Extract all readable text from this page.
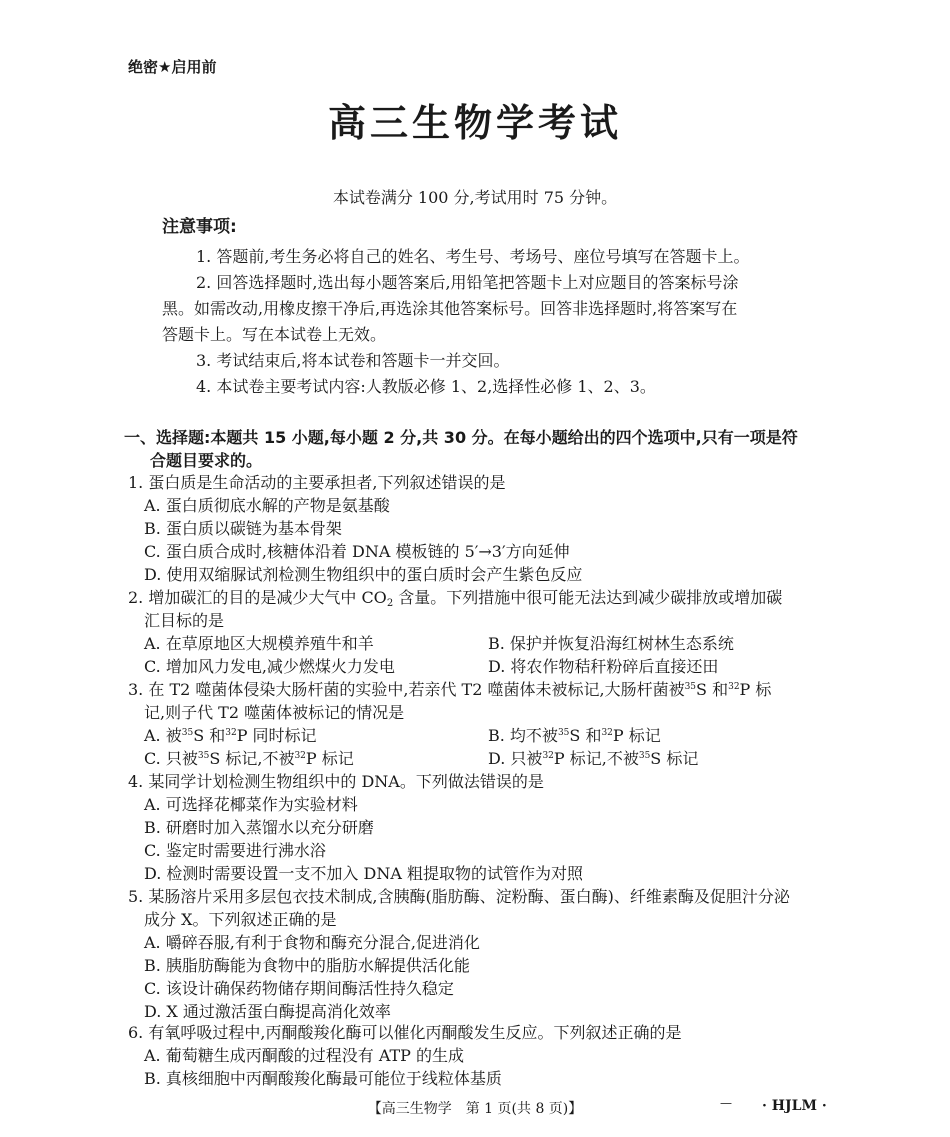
绝密★启用前
高三生物学考试
本试卷满分 100 分,考试用时 75 分钟。
注意事项:
1. 答题前,考生务必将自己的姓名、考生号、考场号、座位号填写在答题卡上。
2. 回答选择题时,选出每小题答案后,用铅笔把答题卡上对应题目的答案标号涂
黑。如需改动,用橡皮擦干净后,再选涂其他答案标号。回答非选择题时,将答案写在
答题卡上。写在本试卷上无效。
3. 考试结束后,将本试卷和答题卡一并交回。
4. 本试卷主要考试内容:人教版必修 1、2,选择性必修 1、2、3。
一、选择题:本题共 15 小题,每小题 2 分,共 30 分。在每小题给出的四个选项中,只有一项是符
合题目要求的。
1. 蛋白质是生命活动的主要承担者,下列叙述错误的是
A. 蛋白质彻底水解的产物是氨基酸
B. 蛋白质以碳链为基本骨架
C. 蛋白质合成时,核糖体沿着 DNA 模板链的 5′→3′方向延伸
D. 使用双缩脲试剂检测生物组织中的蛋白质时会产生紫色反应
2. 增加碳汇的目的是减少大气中 $CO_2$ 含量。下列措施中很可能无法达到减少碳排放或增加碳
汇目标的是
A. 在草原地区大规模养殖牛和羊	B. 保护并恢复沿海红树林生态系统
C. 增加风力发电,减少燃煤火力发电	D. 将农作物秸秆粉碎后直接还田
3. 在 T2 噬菌体侵染大肠杆菌的实验中,若亲代 T2 噬菌体未被标记,大肠杆菌被$^{35}$S 和$^{32}$P 标
记,则子代 T2 噬菌体被标记的情况是
A. 被$^{35}$S 和$^{32}$P 同时标记	B. 均不被$^{35}$S 和$^{32}$P 标记
C. 只被$^{35}$S 标记,不被$^{32}$P 标记	D. 只被$^{32}$P 标记,不被$^{35}$S 标记
4. 某同学计划检测生物组织中的 DNA。下列做法错误的是
A. 可选择花椰菜作为实验材料
B. 研磨时加入蒸馏水以充分研磨
C. 鉴定时需要进行沸水浴
D. 检测时需要设置一支不加入 DNA 粗提取物的试管作为对照
5. 某肠溶片采用多层包衣技术制成,含胰酶(脂肪酶、淀粉酶、蛋白酶)、纤维素酶及促胆汁分泌
成分 X。下列叙述正确的是
A. 嚼碎吞服,有利于食物和酶充分混合,促进消化
B. 胰脂肪酶能为食物中的脂肪水解提供活化能
C. 该设计确保药物储存期间酶活性持久稳定
D. X 通过激活蛋白酶提高消化效率
6. 有氧呼吸过程中,丙酮酸羧化酶可以催化丙酮酸发生反应。下列叙述正确的是
A. 葡萄糖生成丙酮酸的过程没有 ATP 的生成
B. 真核细胞中丙酮酸羧化酶最可能位于线粒体基质
【高三生物学　第 1 页(共 8 页)】	— · HJLM ·
